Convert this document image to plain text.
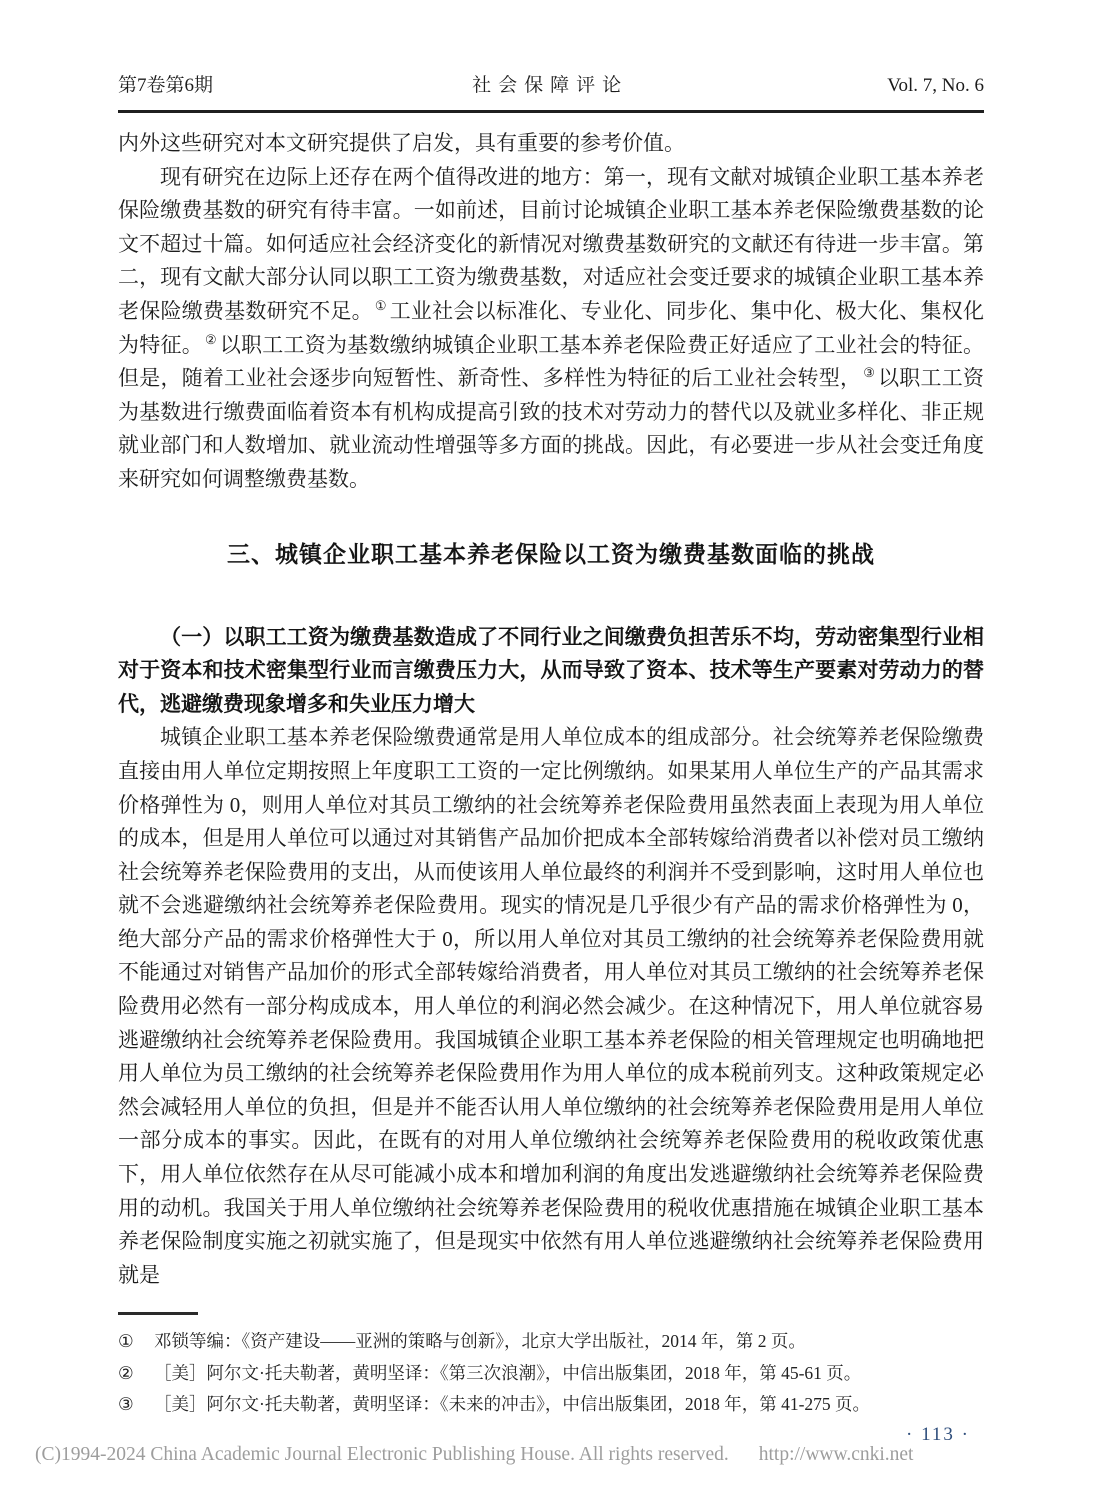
第7卷第6期	社会保障评论	Vol. 7, No. 6

内外这些研究对本文研究提供了启发，具有重要的参考价值。

现有研究在边际上还存在两个值得改进的地方：第一，现有文献对城镇企业职工基本养老保险缴费基数的研究有待丰富。一如前述，目前讨论城镇企业职工基本养老保险缴费基数的论文不超过十篇。如何适应社会经济变化的新情况对缴费基数研究的文献还有待进一步丰富。第二，现有文献大部分认同以职工工资为缴费基数，对适应社会变迁要求的城镇企业职工基本养老保险缴费基数研究不足。 ① 工业社会以标准化、专业化、同步化、集中化、极大化、集权化为特征。 ② 以职工工资为基数缴纳城镇企业职工基本养老保险费正好适应了工业社会的特征。但是，随着工业社会逐步向短暂性、新奇性、多样性为特征的后工业社会转型， ③ 以职工工资为基数进行缴费面临着资本有机构成提高引致的技术对劳动力的替代以及就业多样化、非正规就业部门和人数增加、就业流动性增强等多方面的挑战。因此，有必要进一步从社会变迁角度来研究如何调整缴费基数。

三、城镇企业职工基本养老保险以工资为缴费基数面临的挑战
（一）以职工工资为缴费基数造成了不同行业之间缴费负担苦乐不均，劳动密集型行业相对于资本和技术密集型行业而言缴费压力大，从而导致了资本、技术等生产要素对劳动力的替代，逃避缴费现象增多和失业压力增大

城镇企业职工基本养老保险缴费通常是用人单位成本的组成部分。社会统筹养老保险缴费直接由用人单位定期按照上年度职工工资的一定比例缴纳。如果某用人单位生产的产品其需求价格弹性为 0，则用人单位对其员工缴纳的社会统筹养老保险费用虽然表面上表现为用人单位的成本，但是用人单位可以通过对其销售产品加价把成本全部转嫁给消费者以补偿对员工缴纳社会统筹养老保险费用的支出，从而使该用人单位最终的利润并不受到影响，这时用人单位也就不会逃避缴纳社会统筹养老保险费用。现实的情况是几乎很少有产品的需求价格弹性为 0，绝大部分产品的需求价格弹性大于 0，所以用人单位对其员工缴纳的社会统筹养老保险费用就不能通过对销售产品加价的形式全部转嫁给消费者，用人单位对其员工缴纳的社会统筹养老保险费用必然有一部分构成成本，用人单位的利润必然会减少。在这种情况下，用人单位就容易逃避缴纳社会统筹养老保险费用。我国城镇企业职工基本养老保险的相关管理规定也明确地把用人单位为员工缴纳的社会统筹养老保险费用作为用人单位的成本税前列支。这种政策规定必然会减轻用人单位的负担，但是并不能否认用人单位缴纳的社会统筹养老保险费用是用人单位一部分成本的事实。因此，在既有的对用人单位缴纳社会统筹养老保险费用的税收政策优惠下，用人单位依然存在从尽可能减小成本和增加利润的角度出发逃避缴纳社会统筹养老保险费用的动机。我国关于用人单位缴纳社会统筹养老保险费用的税收优惠措施在城镇企业职工基本养老保险制度实施之初就实施了，但是现实中依然有用人单位逃避缴纳社会统筹养老保险费用就是

①	邓锁等编：《资产建设——亚洲的策略与创新》，北京大学出版社，2014 年，第 2 页。
②	［美］阿尔文·托夫勒著，黄明坚译：《第三次浪潮》，中信出版集团，2018 年，第 45-61 页。
③	［美］阿尔文·托夫勒著，黄明坚译：《未来的冲击》，中信出版集团，2018 年，第 41-275 页。
· 113 ·
(C)1994-2024 China Academic Journal Electronic Publishing House. All rights reserved. http://www.cnki.net
